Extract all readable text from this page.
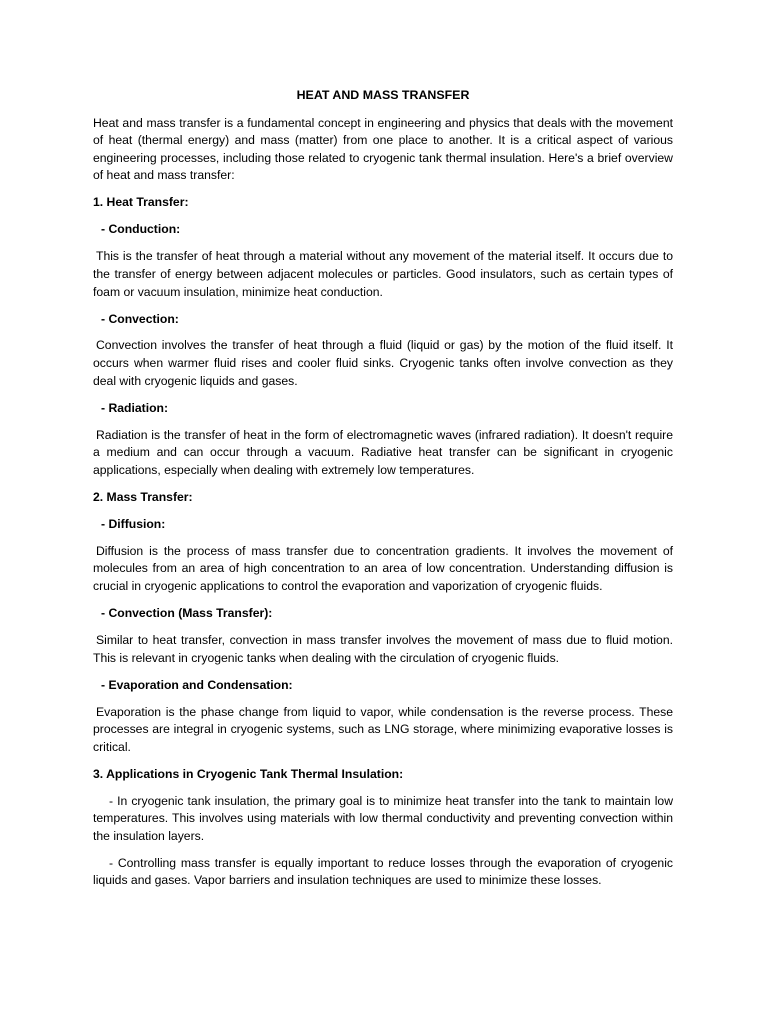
HEAT AND MASS TRANSFER

Heat and mass transfer is a fundamental concept in engineering and physics that deals with the movement of heat (thermal energy) and mass (matter) from one place to another. It is a critical aspect of various engineering processes, including those related to cryogenic tank thermal insulation. Here's a brief overview of heat and mass transfer:

1. Heat Transfer:

- Conduction:

This is the transfer of heat through a material without any movement of the material itself. It occurs due to the transfer of energy between adjacent molecules or particles. Good insulators, such as certain types of foam or vacuum insulation, minimize heat conduction.

- Convection:

Convection involves the transfer of heat through a fluid (liquid or gas) by the motion of the fluid itself. It occurs when warmer fluid rises and cooler fluid sinks. Cryogenic tanks often involve convection as they deal with cryogenic liquids and gases.

- Radiation:

Radiation is the transfer of heat in the form of electromagnetic waves (infrared radiation). It doesn't require a medium and can occur through a vacuum. Radiative heat transfer can be significant in cryogenic applications, especially when dealing with extremely low temperatures.

2. Mass Transfer:

- Diffusion:

Diffusion is the process of mass transfer due to concentration gradients. It involves the movement of molecules from an area of high concentration to an area of low concentration. Understanding diffusion is crucial in cryogenic applications to control the evaporation and vaporization of cryogenic fluids.

- Convection (Mass Transfer):

Similar to heat transfer, convection in mass transfer involves the movement of mass due to fluid motion. This is relevant in cryogenic tanks when dealing with the circulation of cryogenic fluids.

- Evaporation and Condensation:

Evaporation is the phase change from liquid to vapor, while condensation is the reverse process. These processes are integral in cryogenic systems, such as LNG storage, where minimizing evaporative losses is critical.

3. Applications in Cryogenic Tank Thermal Insulation:

- In cryogenic tank insulation, the primary goal is to minimize heat transfer into the tank to maintain low temperatures. This involves using materials with low thermal conductivity and preventing convection within the insulation layers.

- Controlling mass transfer is equally important to reduce losses through the evaporation of cryogenic liquids and gases. Vapor barriers and insulation techniques are used to minimize these losses.
